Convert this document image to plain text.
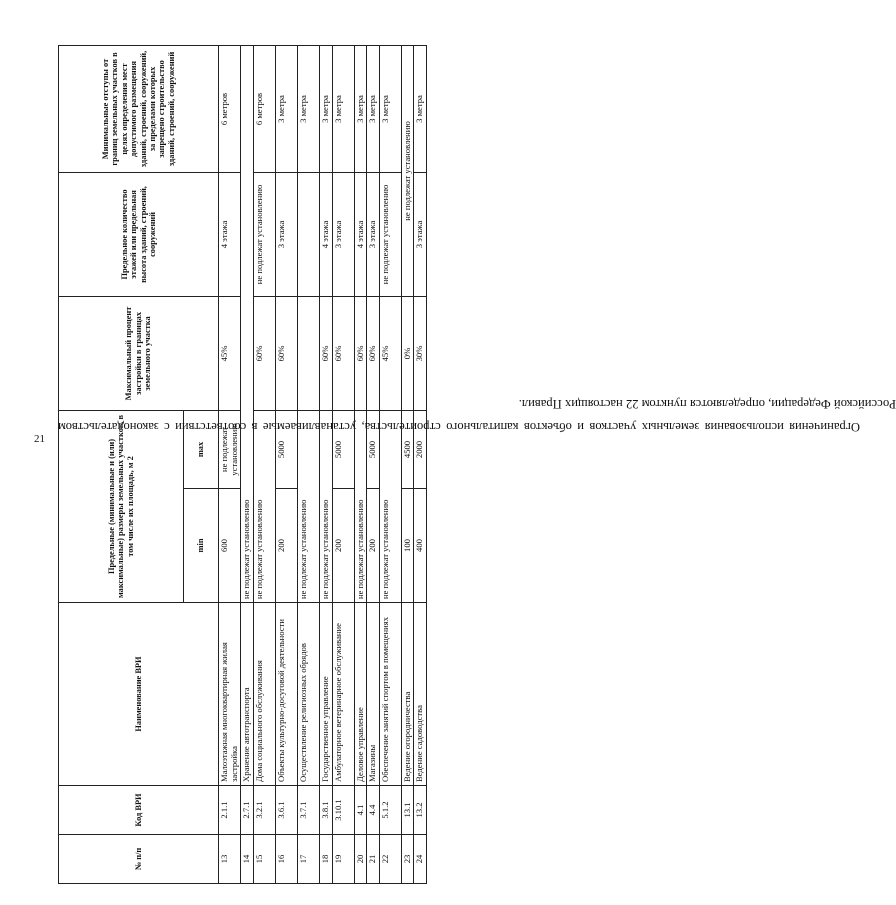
21
№ п/п	Код ВРИ	Наименование ВРИ	Предельные (минимальные и (или) максимальные) размеры земельных участков, в том числе их площадь, м 2		Максимальный процент застройки в границах земельного участка	Предельное количество этажей или предельная высота зданий, строений, сооружений	Минимальные отступы от границ земельных участков в целях определения мест допустимого размещения зданий, строений, сооружений, за пределами которых запрещено строительство зданий, строений, сооружений
			min	max			
13	2.1.1	Малоэтажная многоквартирная жилая застройка	600	не подлежат установлению	45%	4 этажа	6 метров
14	2.7.1	Хранение автотранспорта	не подлежат установлению				
15	3.2.1	Дома социального обслуживания	не подлежат установлению		60%	не подлежат установлению	6 метров
16	3.6.1	Объекты культурно-досуговой деятельности	200	5000	60%	3 этажа	3 метра
17	3.7.1	Осуществление религиозных обрядов	не подлежат установлению				3 метра
18	3.8.1	Государственное управление	не подлежат установлению		60%	4 этажа	3 метра
19	3.10.1	Амбулаторное ветеринарное обслуживание	200	5000	60%	3 этажа	3 метра
20	4.1	Деловое управление	не подлежат установлению		60%	4 этажа	3 метра
21	4.4	Магазины	200	5000	60%	3 этажа	3 метра
22	5.1.2	Обеспечение занятий спортом в помещениях	не подлежат установлению		45%	не подлежат установлению	3 метра
23	13.1	Ведение огородничества	100	4500	0%	не подлежат установлению	
24	13.2	Ведение садоводства	400	2000	30%	3 этажа	3 метра
Ограничения использования земельных участков и объектов капитального строительства, устанавливаемые в соответствии с законодательством Российской Федерации, определяются пунктом 22 настоящих Правил.
